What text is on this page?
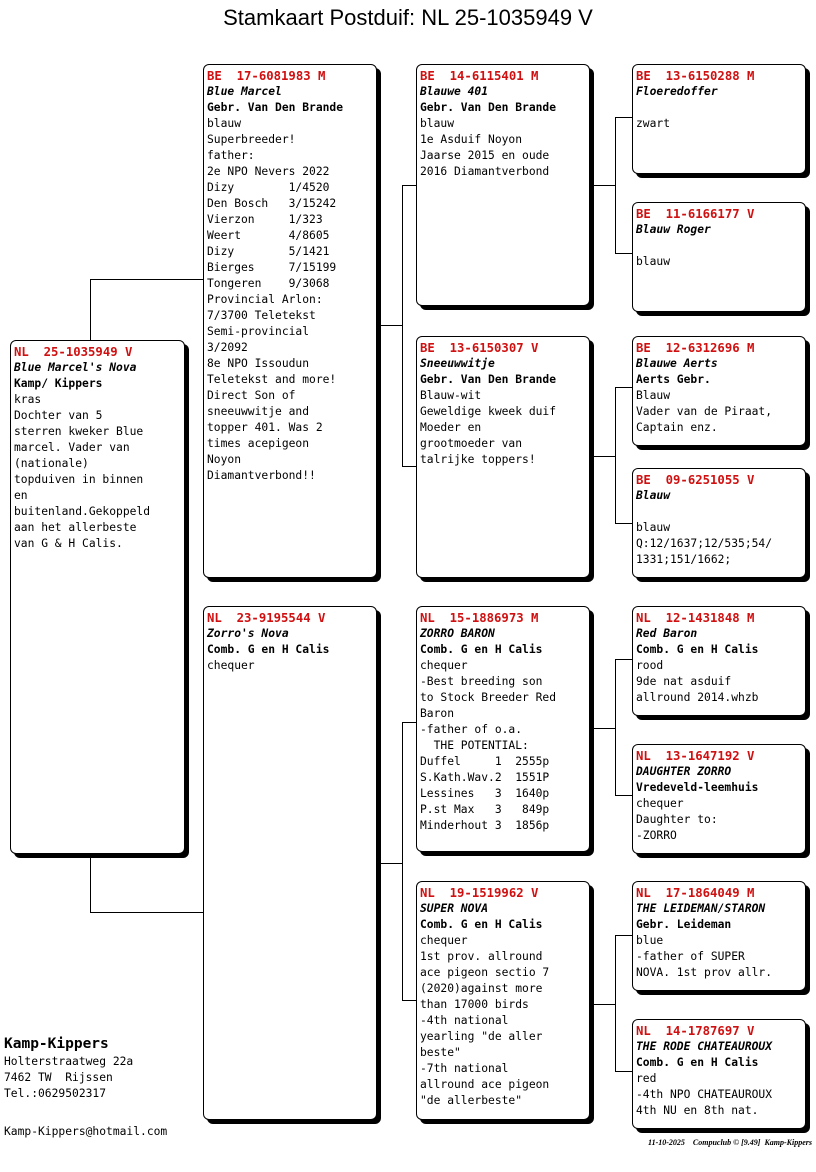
Stamkaart Postduif: NL 25-1035949 V
NL  25-1035949 V
Blue Marcel's Nova
Kamp/ Kippers
kras
Dochter van 5
sterren kweker Blue
marcel. Vader van
(nationale)
topduiven in binnen
en
buitenland.Gekoppeld
aan het allerbeste
van G & H Calis.
BE  17-6081983 M
Blue Marcel
Gebr. Van Den Brande
blauw
Superbreeder!
father:
2e NPO Nevers 2022
Dizy        1/4520
Den Bosch   3/15242
Vierzon     1/323
Weert       4/8605
Dizy        5/1421
Bierges     7/15199
Tongeren    9/3068
Provincial Arlon:
7/3700 Teletekst
Semi-provincial
3/2092
8e NPO Issoudun
Teletekst and more!
Direct Son of
sneeuwwitje and
topper 401. Was 2
times acepigeon
Noyon
Diamantverbond!!
NL  23-9195544 V
Zorro's Nova
Comb. G en H Calis
chequer
BE  14-6115401 M
Blauwe 401
Gebr. Van Den Brande
blauw
1e Asduif Noyon
Jaarse 2015 en oude
2016 Diamantverbond
BE  13-6150307 V
Sneeuwwitje
Gebr. Van Den Brande
Blauw-wit
Geweldige kweek duif
Moeder en
grootmoeder van
talrijke toppers!
NL  15-1886973 M
ZORRO BARON
Comb. G en H Calis
chequer
-Best breeding son
to Stock Breeder Red
Baron
-father of o.a.
THE POTENTIAL:
Duffel     1  2555p
S.Kath.Wav.2  1551P
Lessines   3  1640p
P.st Max   3   849p
Minderhout 3  1856p
NL  19-1519962 V
SUPER NOVA
Comb. G en H Calis
chequer
1st prov. allround
ace pigeon sectio 7
(2020)against more
than 17000 birds
-4th national
yearling "de aller
beste"
-7th national
allround ace pigeon
"de allerbeste"
BE  13-6150288 M
Floeredoffer

zwart
BE  11-6166177 V
Blauw Roger

blauw
BE  12-6312696 M
Blauwe Aerts
Aerts Gebr.
Blauw
Vader van de Piraat,
Captain enz.
BE  09-6251055 V
Blauw

blauw
Q:12/1637;12/535;54/
1331;151/1662;
NL  12-1431848 M
Red Baron
Comb. G en H Calis
rood
9de nat asduif
allround 2014.whzb
NL  13-1647192 V
DAUGHTER ZORRO
Vredeveld-leemhuis
chequer
Daughter to:
-ZORRO
NL  17-1864049 M
THE LEIDEMAN/STARON
Gebr. Leideman
blue
-father of SUPER
NOVA. 1st prov allr.
NL  14-1787697 V
THE RODE CHATEAUROUX
Comb. G en H Calis
red
-4th NPO CHATEAUROUX
4th NU en 8th nat.
Kamp-Kippers
Holterstraatweg 22a
7462 TW  Rijssen
Tel.:0629502317
Kamp-Kippers@hotmail.com
11-10-2025    Compuclub © [9.49]  Kamp-Kippers
